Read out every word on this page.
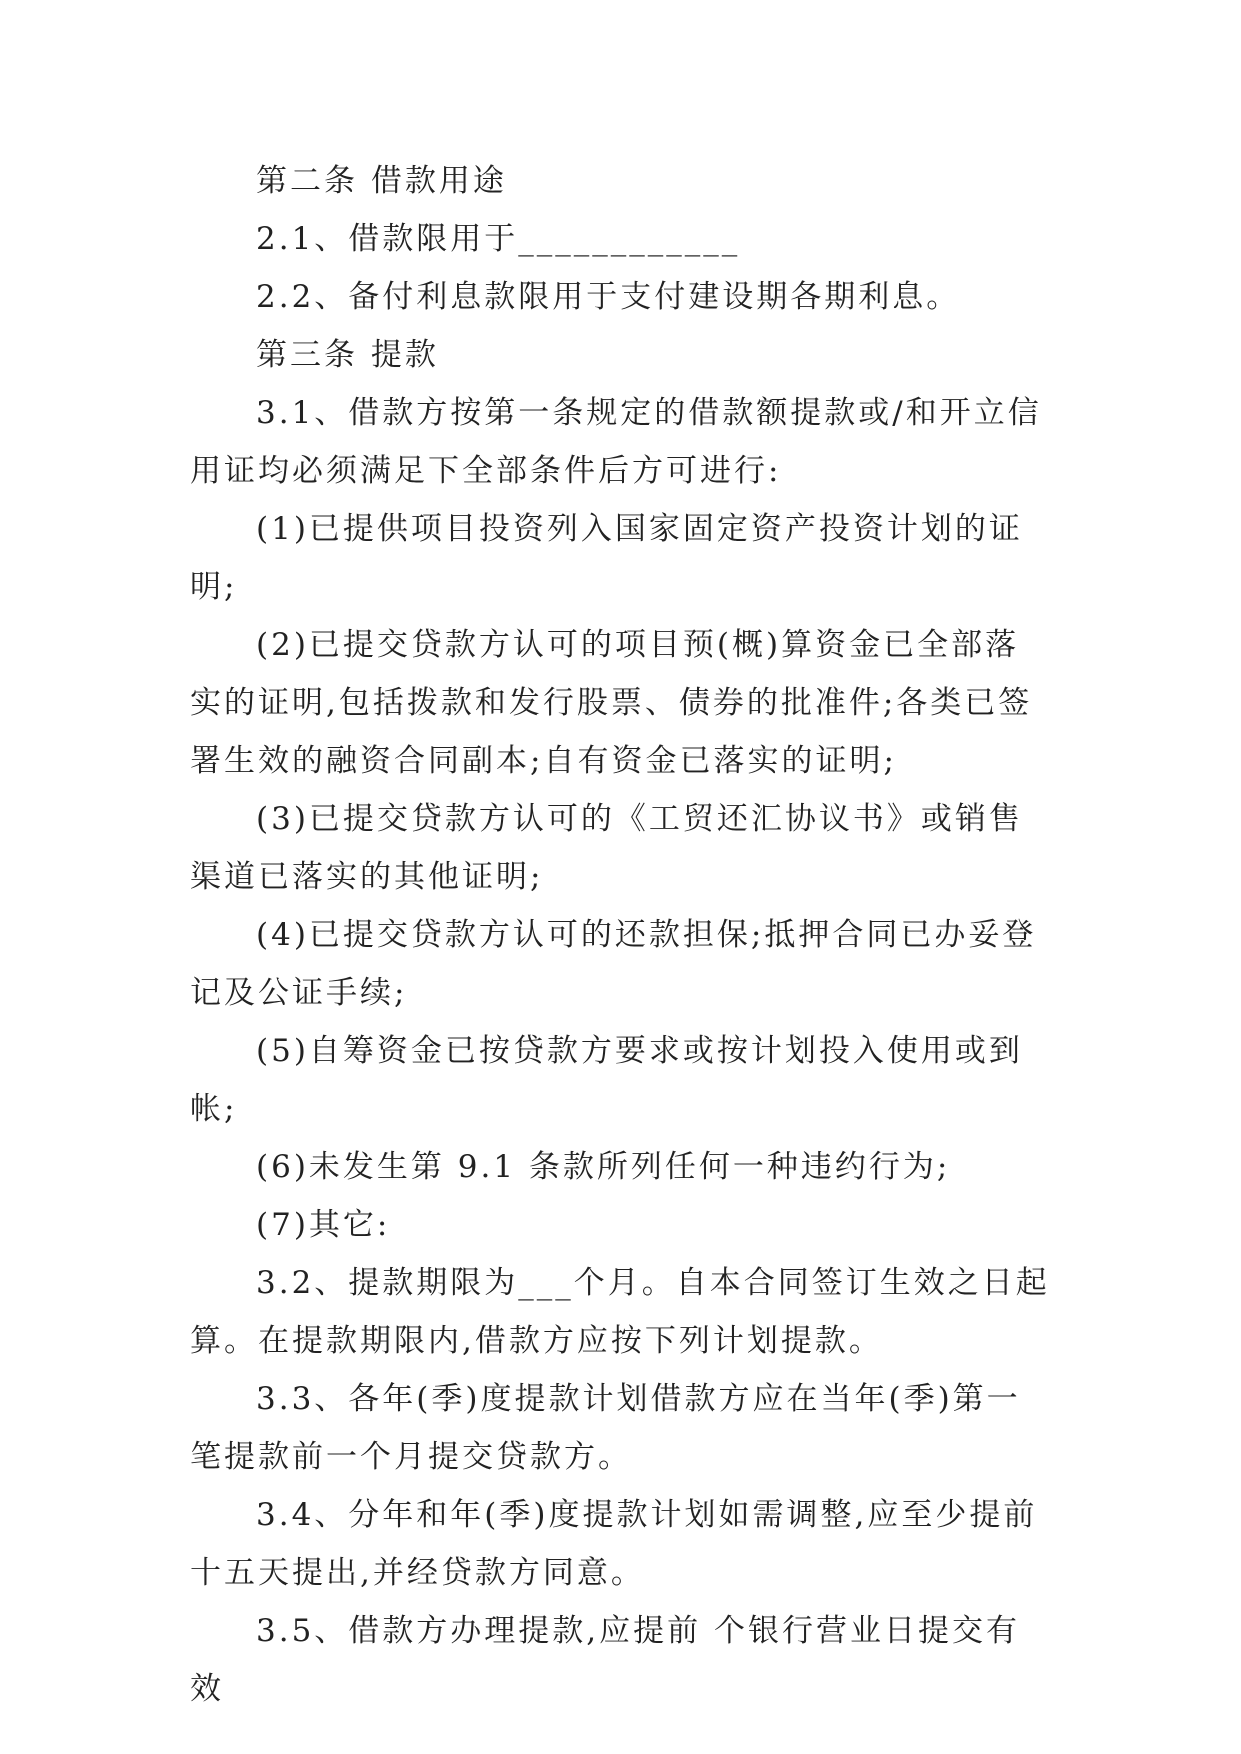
第二条 借款用途

2.1、借款限用于____________

2.2、备付利息款限用于支付建设期各期利息。

第三条 提款

3.1、借款方按第一条规定的借款额提款或/和开立信用证均必须满足下全部条件后方可进行:

(1)已提供项目投资列入国家固定资产投资计划的证明;

(2)已提交贷款方认可的项目预(概)算资金已全部落实的证明,包括拨款和发行股票、债券的批准件;各类已签署生效的融资合同副本;自有资金已落实的证明;

(3)已提交贷款方认可的《工贸还汇协议书》或销售渠道已落实的其他证明;

(4)已提交贷款方认可的还款担保;抵押合同已办妥登记及公证手续;

(5)自筹资金已按贷款方要求或按计划投入使用或到帐;

(6)未发生第 9.1 条款所列任何一种违约行为;

(7)其它:

3.2、提款期限为___个月。自本合同签订生效之日起算。在提款期限内,借款方应按下列计划提款。

3.3、各年(季)度提款计划借款方应在当年(季)第一笔提款前一个月提交贷款方。

3.4、分年和年(季)度提款计划如需调整,应至少提前十五天提出,并经贷款方同意。

3.5、借款方办理提款,应提前 个银行营业日提交有效
